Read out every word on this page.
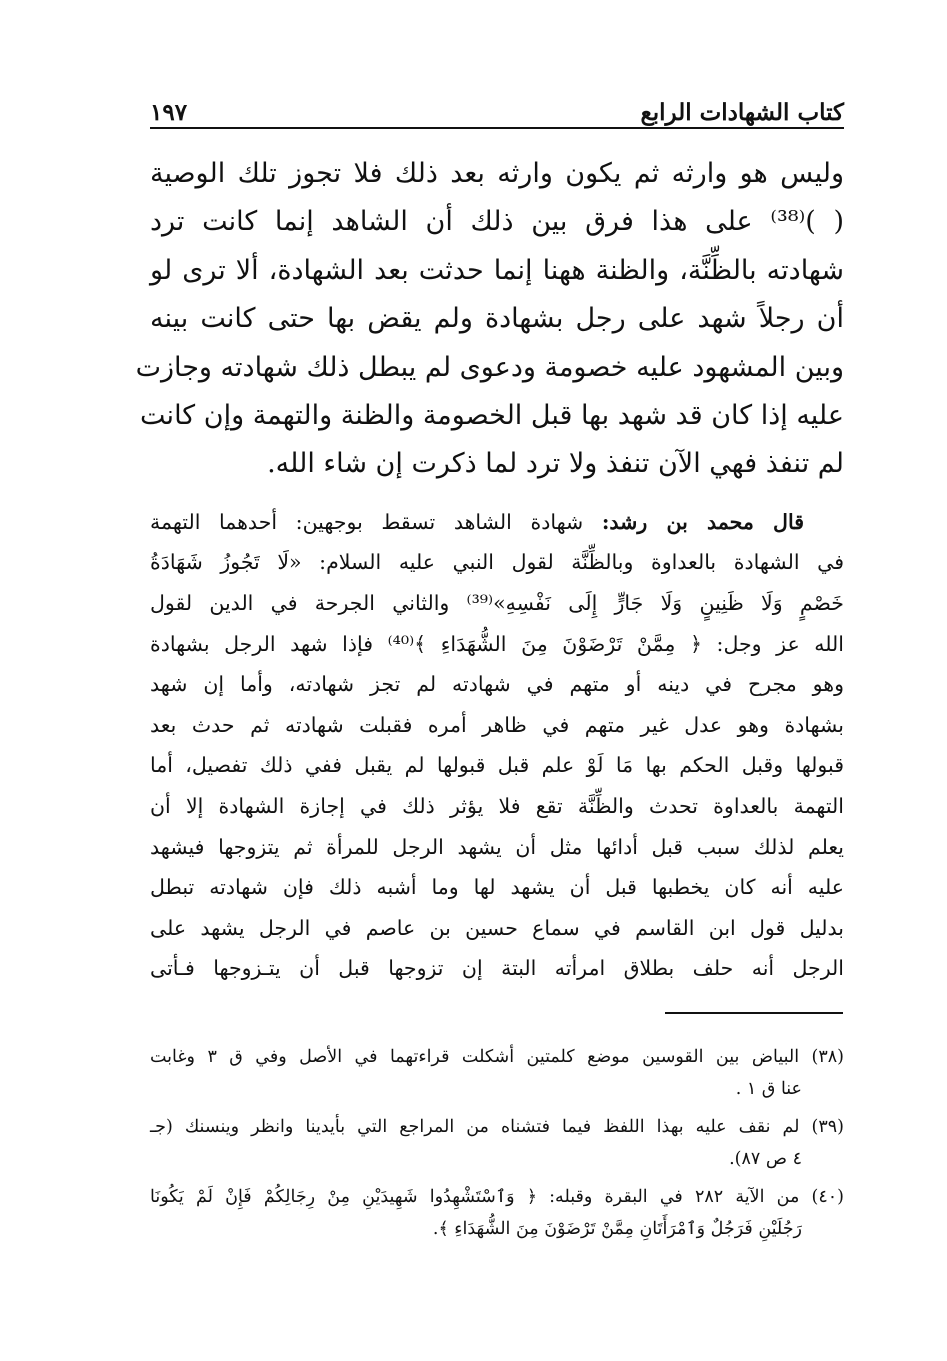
كتاب الشهادات الرابع
١٩٧
وليس هو وارثه ثم يكون وارثه بعد ذلك فلا تجوز تلك الوصية
( )⁽³⁸⁾ على هذا فرق بين ذلك أن الشاهد إنما كانت ترد
شهادته بالظِّنَّة، والظنة ههنا إنما حدثت بعد الشهادة، ألا ترى لو
أن رجلاً شهد على رجل بشهادة ولم يقض بها حتى كانت بينه
وبين المشهود عليه خصومة ودعوى لم يبطل ذلك شهادته وجازت
عليه إذا كان قد شهد بها قبل الخصومة والظنة والتهمة وإن كانت
لم تنفذ فهي الآن تنفذ ولا ترد لما ذكرت إن شاء الله.
قال محمد بن رشد: شهادة الشاهد تسقط بوجهين: أحدهما التهمة
في الشهادة بالعداوة وبالظِّنَّة لقول النبي عليه السلام: «لَا تَجُوزُ شَهَادَةُ
خَصْمٍ وَلَا ظَنِينٍ وَلَا جَارٍّ إِلَى نَفْسِهِ»⁽³⁹⁾ والثاني الجرحة في الدين لقول
الله عز وجل: ﴿ مِمَّنْ تَرْضَوْنَ مِنَ الشُّهَدَاءِ ﴾⁽⁴⁰⁾ فإذا شهد الرجل بشهادة
وهو مجرح في دينه أو متهم في شهادته لم تجز شهادته، وأما إن شهد
بشهادة وهو عدل غير متهم في ظاهر أمره فقبلت شهادته ثم حدث بعد
قبولها وقبل الحكم بها مَا لَوْ علم قبل قبولها لم يقبل ففي ذلك تفصيل، أما
التهمة بالعداوة تحدث والظِّنَّة تقع فلا يؤثر ذلك في إجازة الشهادة إلا أن
يعلم لذلك سبب قبل أدائها مثل أن يشهد الرجل للمرأة ثم يتزوجها فيشهد
عليه أنه كان يخطبها قبل أن يشهد لها وما أشبه ذلك فإن شهادته تبطل
بدليل قول ابن القاسم في سماع حسين بن عاصم في الرجل يشهد على
الرجل أنه حلف بطلاق امرأته البتة إن تزوجها قبل أن يتـزوجها فـأتى
(٣٨) البياض بين القوسين موضع كلمتين أشكلت قراءتهما في الأصل وفي ق ٣ وغابت
عنا ق ١ .
(٣٩) لم نقف عليه بهذا اللفظ فيما فتشناه من المراجع التي بأيدينا وانظر وينسنك (جـ
٤ ص ٨٧).
(٤٠) من الآية ٢٨٢ في البقرة وقبله: ﴿ وَٱسْتَشْهِدُوا شَهِيدَيْنِ مِنْ رِجَالِكُمْ فَإِنْ لَمْ يَكُونَا
رَجُلَيْنِ فَرَجُلٌ وَٱمْرَأَتَانِ مِمَّنْ تَرْضَوْنَ مِنَ الشُّهَدَاءِ ﴾.
